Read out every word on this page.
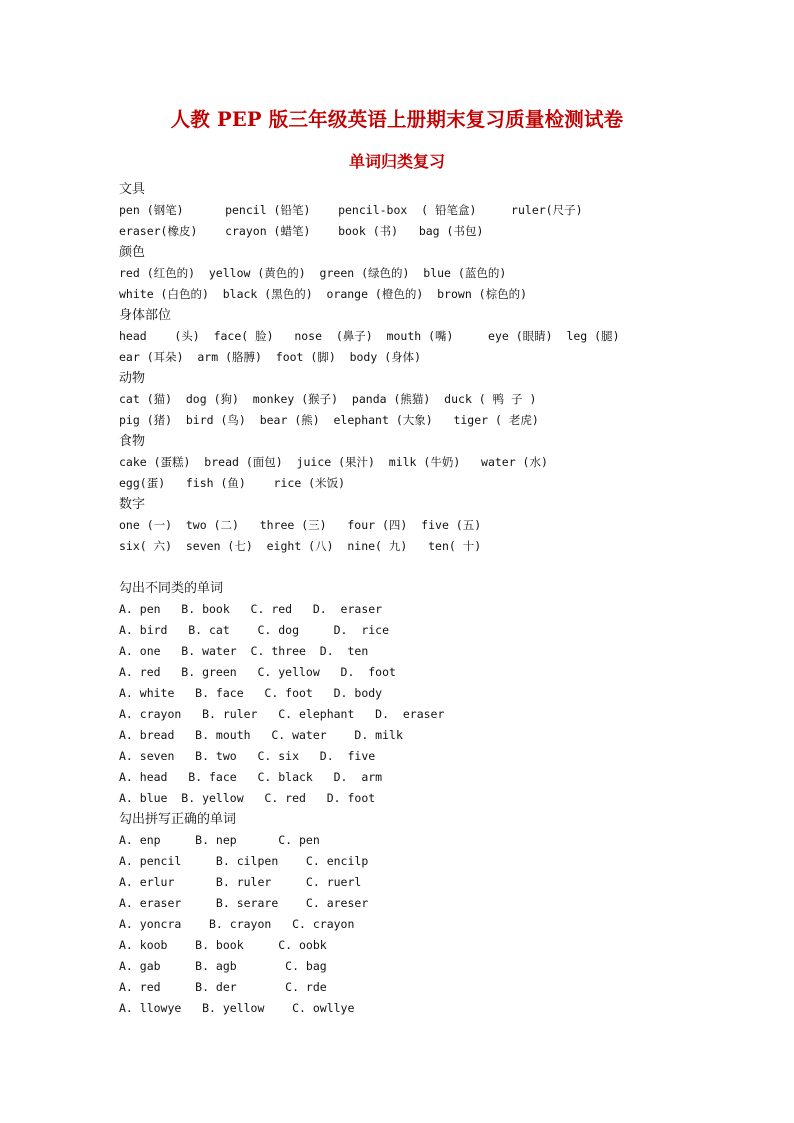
人教 PEP 版三年级英语上册期末复习质量检测试卷
单词归类复习
文具
pen (钢笔)      pencil (铅笔)    pencil-box  ( 铅笔盒)     ruler(尺子)
eraser(橡皮)    crayon (蜡笔)    book (书)   bag (书包)
颜色
red (红色的)  yellow (黄色的)  green (绿色的)  blue (蓝色的)
white (白色的)  black (黑色的)  orange (橙色的)  brown (棕色的)
身体部位
head    (头)  face( 脸)   nose  (鼻子)  mouth (嘴)     eye (眼睛)  leg (腿)
ear (耳朵)  arm (胳膊)  foot (脚)  body (身体)
动物
cat (猫)  dog (狗)  monkey (猴子)  panda (熊猫)  duck ( 鸭 子 )
pig (猪)  bird (鸟)  bear (熊)  elephant (大象)   tiger ( 老虎)
食物
cake (蛋糕)  bread (面包)  juice (果汁)  milk (牛奶)   water (水)
egg(蛋)   fish (鱼)    rice (米饭)
数字
one (一)  two (二)   three (三)   four (四)  five (五)
six( 六)  seven (七)  eight (八)  nine( 九)   ten( 十)
勾出不同类的单词
A. pen   B. book   C. red   D.  eraser
A. bird   B. cat    C. dog     D.  rice
A. one   B. water  C. three  D.  ten
A. red   B. green   C. yellow   D.  foot
A. white   B. face   C. foot   D. body
A. crayon   B. ruler   C. elephant   D.  eraser
A. bread   B. mouth   C. water    D. milk
A. seven   B. two   C. six   D.  five
A. head   B. face   C. black   D.  arm
A. blue  B. yellow   C. red   D. foot
勾出拼写正确的单词
A. enp     B. nep      C. pen
A. pencil     B. cilpen    C. encilp
A. erlur      B. ruler     C. ruerl
A. eraser     B. serare    C. areser
A. yoncra    B. crayon   C. crayon
A. koob    B. book     C. oobk
A. gab     B. agb       C. bag
A. red     B. der       C. rde
A. llowye   B. yellow    C. owllye
